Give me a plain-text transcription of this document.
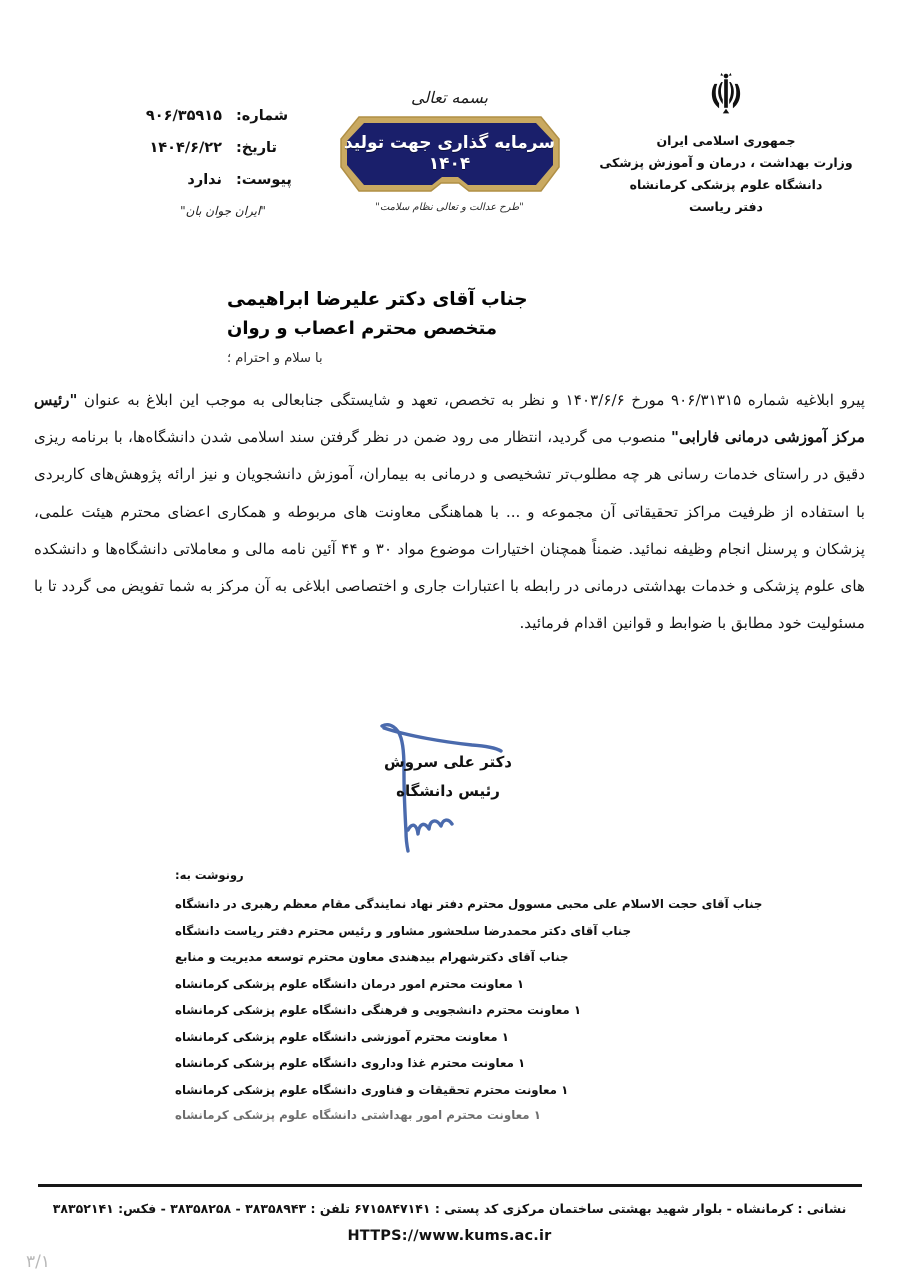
جمهوری اسلامی ایران
وزارت بهداشت ، درمان و آموزش پزشکی
دانشگاه علوم پزشکی کرمانشاه
دفتر ریاست
بسمه تعالی
سرمایه گذاری جهت تولید
۱۴۰۴
"طرح عدالت و تعالی نظام سلامت"
شماره:
۹۰۶/۳۵۹۱۵
تاریخ:
۱۴۰۴/۶/۲۲
پیوست:
ندارد
"ایران جوان بان"
جناب آقای دکتر علیرضا ابراهیمی
متخصص محترم اعصاب و روان
با سلام و احترام ؛

پیرو ابلاغیه شماره ۹۰۶/۳۱۳۱۵ مورخ ۱۴۰۳/۶/۶ و نظر به تخصص، تعهد و شایستگی جنابعالی به موجب این ابلاغ به عنوان "رئیس مرکز آموزشی درمانی فارابی" منصوب می گردید، انتظار می رود ضمن در نظر گرفتن سند اسلامی شدن دانشگاه‌ها، با برنامه ریزی دقیق در راستای خدمات رسانی هر چه مطلوب‌تر تشخیصی و درمانی به بیماران، آموزش دانشجویان و نیز ارائه پژوهش‌های کاربردی با استفاده از ظرفیت مراکز تحقیقاتی آن مجموعه و ... با هماهنگی معاونت های مربوطه و همکاری اعضای محترم هیئت علمی، پزشکان و پرسنل انجام وظیفه نمائید. ضمناً همچنان اختیارات موضوع مواد ۳۰ و ۴۴ آئین نامه مالی و معاملاتی دانشگاه‌ها و دانشکده های علوم پزشکی و خدمات بهداشتی درمانی در رابطه با اعتبارات جاری و اختصاصی ابلاغی به آن مرکز به شما تفویض می گردد تا با مسئولیت خود مطابق با ضوابط و قوانین اقدام فرمائید.

دکتر علی سروش
رئیس دانشگاه
رونوشت به:
جناب آقای حجت الاسلام علی محبی مسوول محترم دفتر نهاد نمایندگی مقام معظم رهبری در دانشگاه
جناب آقای دکتر محمدرضا سلحشور مشاور و رئیس محترم دفتر ریاست دانشگاه
جناب آقای دکترشهرام بیدهندی معاون محترم توسعه مدیریت و منابع
۱ معاونت محترم امور درمان دانشگاه علوم پزشکی کرمانشاه
۱ معاونت محترم دانشجویی و فرهنگی دانشگاه علوم پزشکی کرمانشاه
۱ معاونت محترم آموزشی دانشگاه علوم پزشکی کرمانشاه
۱ معاونت محترم غذا وداروی دانشگاه علوم پزشکی کرمانشاه
۱ معاونت محترم تحقیقات و فناوری دانشگاه علوم پزشکی کرمانشاه
۱ معاونت محترم امور بهداشتی دانشگاه علوم پزشکی کرمانشاه
نشانی : کرمانشاه - بلوار شهید بهشتی ساختمان مرکزی کد پستی : ۶۷۱۵۸۴۷۱۴۱ تلفن : ۳۸۳۵۸۹۴۳ - ۳۸۳۵۸۲۵۸ - فکس: ۳۸۳۵۲۱۴۱
HTTPS://www.kums.ac.ir
۳/۱
